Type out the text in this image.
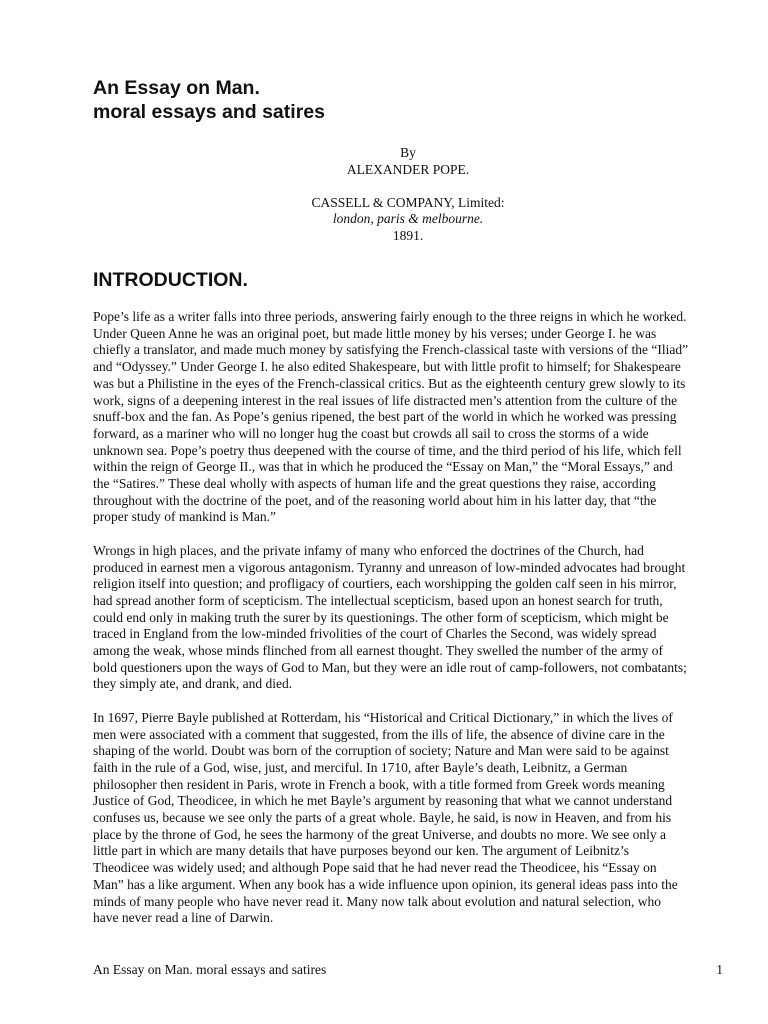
An Essay on Man.
moral essays and satires
By
ALEXANDER POPE.
CASSELL & COMPANY, Limited:
london, paris & melbourne.
1891.
INTRODUCTION.

Pope’s life as a writer falls into three periods, answering fairly enough to the three reigns in which he worked.
Under Queen Anne he was an original poet, but made little money by his verses; under George I. he was
chiefly a translator, and made much money by satisfying the French-classical taste with versions of the “Iliad”
and “Odyssey.” Under George I. he also edited Shakespeare, but with little profit to himself; for Shakespeare
was but a Philistine in the eyes of the French-classical critics. But as the eighteenth century grew slowly to its
work, signs of a deepening interest in the real issues of life distracted men’s attention from the culture of the
snuff-box and the fan. As Pope’s genius ripened, the best part of the world in which he worked was pressing
forward, as a mariner who will no longer hug the coast but crowds all sail to cross the storms of a wide
unknown sea. Pope’s poetry thus deepened with the course of time, and the third period of his life, which fell
within the reign of George II., was that in which he produced the “Essay on Man,” the “Moral Essays,” and
the “Satires.” These deal wholly with aspects of human life and the great questions they raise, according
throughout with the doctrine of the poet, and of the reasoning world about him in his latter day, that “the
proper study of mankind is Man.”

Wrongs in high places, and the private infamy of many who enforced the doctrines of the Church, had
produced in earnest men a vigorous antagonism. Tyranny and unreason of low-minded advocates had brought
religion itself into question; and profligacy of courtiers, each worshipping the golden calf seen in his mirror,
had spread another form of scepticism. The intellectual scepticism, based upon an honest search for truth,
could end only in making truth the surer by its questionings. The other form of scepticism, which might be
traced in England from the low-minded frivolities of the court of Charles the Second, was widely spread
among the weak, whose minds flinched from all earnest thought. They swelled the number of the army of
bold questioners upon the ways of God to Man, but they were an idle rout of camp-followers, not combatants;
they simply ate, and drank, and died.

In 1697, Pierre Bayle published at Rotterdam, his “Historical and Critical Dictionary,” in which the lives of
men were associated with a comment that suggested, from the ills of life, the absence of divine care in the
shaping of the world. Doubt was born of the corruption of society; Nature and Man were said to be against
faith in the rule of a God, wise, just, and merciful. In 1710, after Bayle’s death, Leibnitz, a German
philosopher then resident in Paris, wrote in French a book, with a title formed from Greek words meaning
Justice of God, Theodicee, in which he met Bayle’s argument by reasoning that what we cannot understand
confuses us, because we see only the parts of a great whole. Bayle, he said, is now in Heaven, and from his
place by the throne of God, he sees the harmony of the great Universe, and doubts no more. We see only a
little part in which are many details that have purposes beyond our ken. The argument of Leibnitz’s
Theodicee was widely used; and although Pope said that he had never read the Theodicee, his “Essay on
Man” has a like argument. When any book has a wide influence upon opinion, its general ideas pass into the
minds of many people who have never read it. Many now talk about evolution and natural selection, who
have never read a line of Darwin.

An Essay on Man. moral essays and satires	1
